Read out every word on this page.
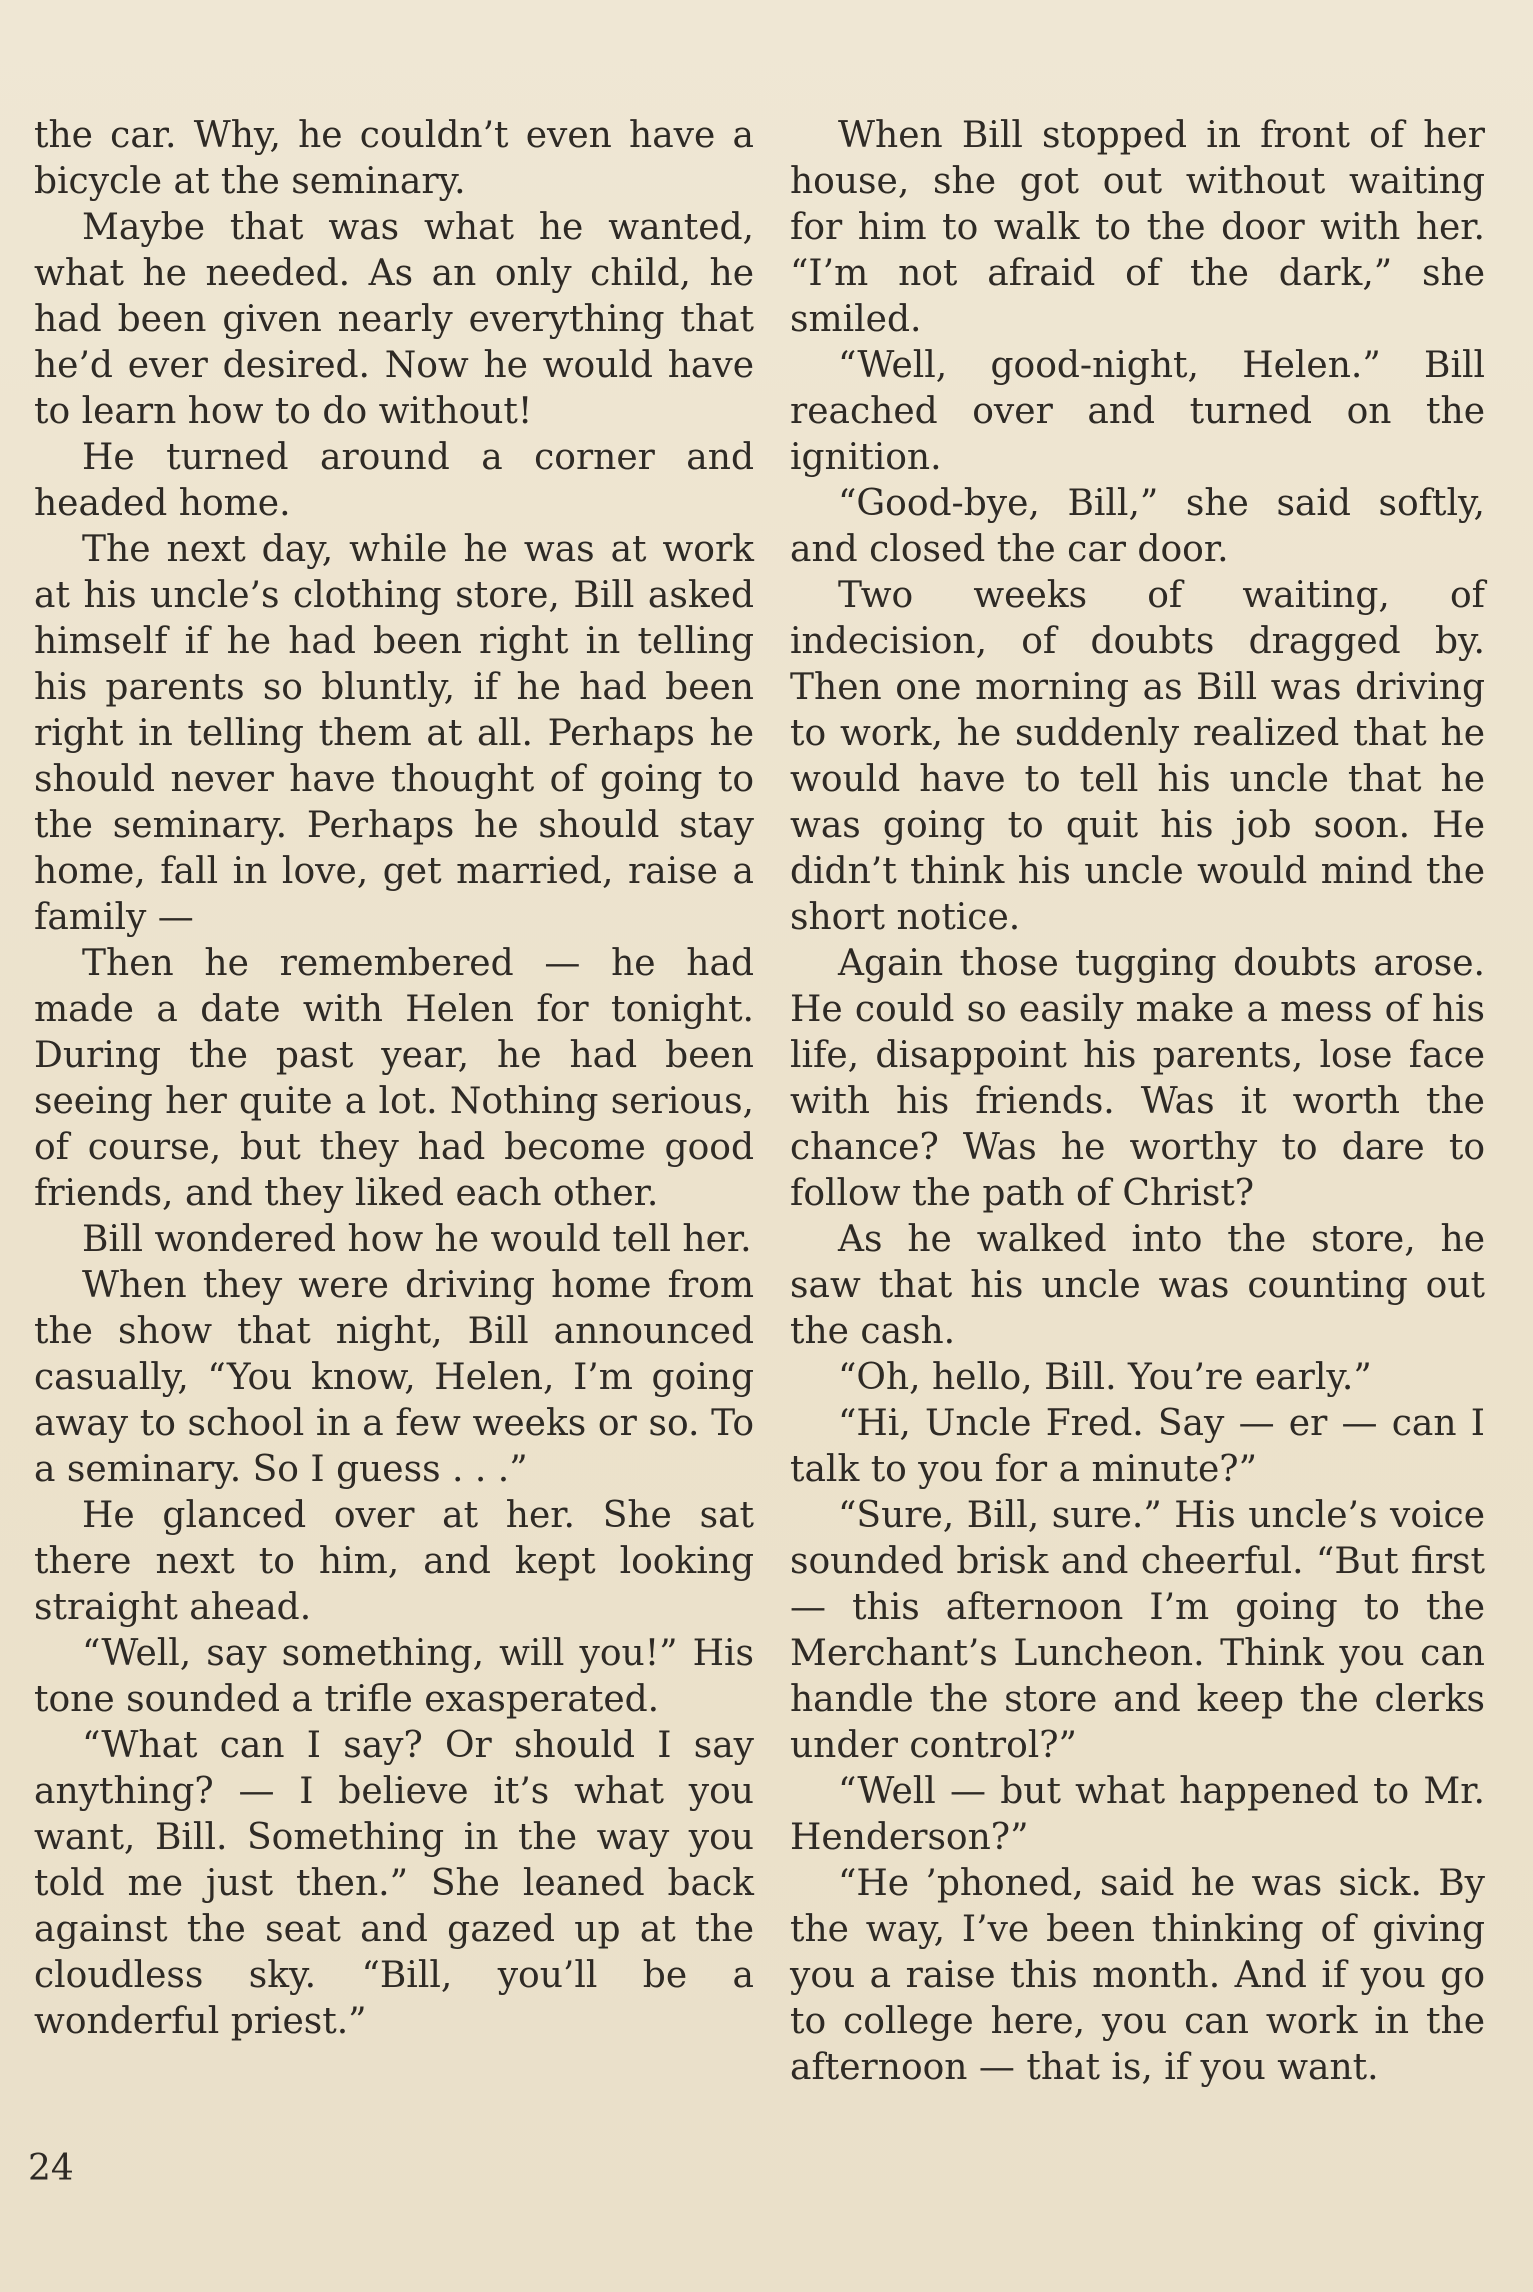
the car. Why, he couldn’t even have a bicycle at the seminary.

Maybe that was what he wanted, what he needed. As an only child, he had been given nearly everything that he’d ever desired. Now he would have to learn how to do without!

He turned around a corner and headed home.

The next day, while he was at work at his uncle’s clothing store, Bill asked himself if he had been right in telling his parents so bluntly, if he had been right in telling them at all. Perhaps he should never have thought of going to the seminary. Perhaps he should stay home, fall in love, get married, raise a family —

Then he remembered — he had made a date with Helen for tonight. During the past year, he had been seeing her quite a lot. Nothing serious, of course, but they had become good friends, and they liked each other.

Bill wondered how he would tell her.

When they were driving home from the show that night, Bill announced casually, “You know, Helen, I’m going away to school in a few weeks or so. To a seminary. So I guess . . .”

He glanced over at her. She sat there next to him, and kept looking straight ahead.

“Well, say something, will you!” His tone sounded a trifle exasperated.

“What can I say? Or should I say anything? — I believe it’s what you want, Bill. Something in the way you told me just then.” She leaned back against the seat and gazed up at the cloudless sky. “Bill, you’ll be a wonderful priest.”

When Bill stopped in front of her house, she got out without waiting for him to walk to the door with her. “I’m not afraid of the dark,” she smiled.

“Well, good-night, Helen.” Bill reached over and turned on the ignition.

“Good-bye, Bill,” she said softly, and closed the car door.

Two weeks of waiting, of indecision, of doubts dragged by. Then one morning as Bill was driving to work, he suddenly realized that he would have to tell his uncle that he was going to quit his job soon. He didn’t think his uncle would mind the short notice.

Again those tugging doubts arose. He could so easily make a mess of his life, disappoint his parents, lose face with his friends. Was it worth the chance? Was he worthy to dare to follow the path of Christ?

As he walked into the store, he saw that his uncle was counting out the cash.

“Oh, hello, Bill. You’re early.”

“Hi, Uncle Fred. Say — er — can I talk to you for a minute?”

“Sure, Bill, sure.” His uncle’s voice sounded brisk and cheerful. “But first — this afternoon I’m going to the Merchant’s Luncheon. Think you can handle the store and keep the clerks under control?”

“Well — but what happened to Mr. Henderson?”

“He ’phoned, said he was sick. By the way, I’ve been thinking of giving you a raise this month. And if you go to college here, you can work in the afternoon — that is, if you want.

24
